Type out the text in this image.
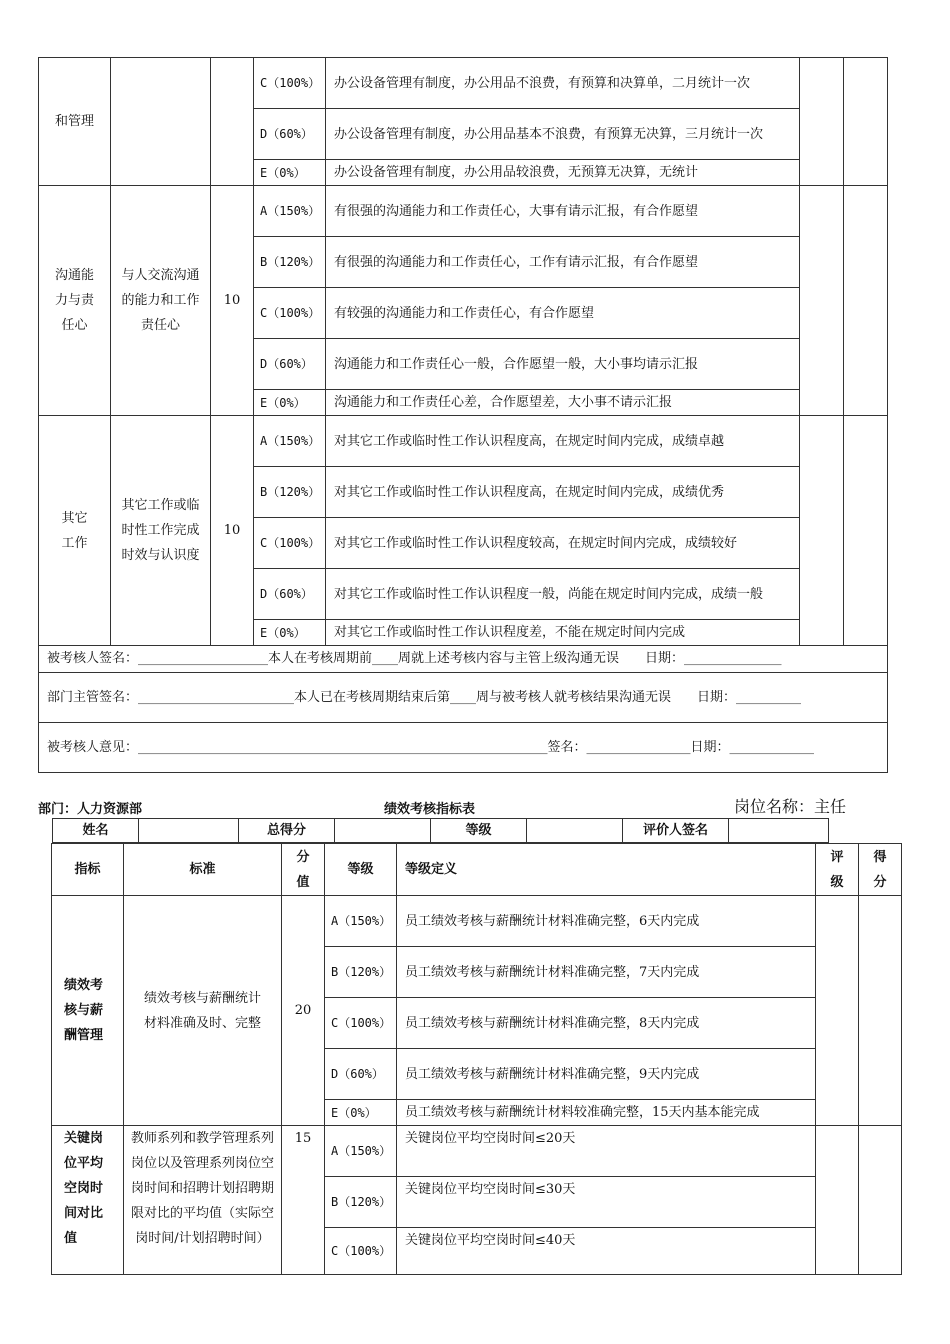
和管理			C（100%）	办公设备管理有制度，办公用品不浪费，有预算和决算单，二月统计一次		
			D（60%）	办公设备管理有制度，办公用品基本不浪费，有预算无决算，三月统计一次		
			E（0%）	办公设备管理有制度，办公用品较浪费，无预算无决算，无统计		
沟通能力与责任心	与人交流沟通的能力和工作责任心	10	A（150%）	有很强的沟通能力和工作责任心，大事有请示汇报，有合作愿望		
			B（120%）	有很强的沟通能力和工作责任心，工作有请示汇报，有合作愿望		
			C（100%）	有较强的沟通能力和工作责任心，有合作愿望		
			D（60%）	沟通能力和工作责任心一般，合作愿望一般，大小事均请示汇报		
			E（0%）	沟通能力和工作责任心差，合作愿望差，大小事不请示汇报		
其它工作	其它工作或临时性工作完成时效与认识度	10	A（150%）	对其它工作或临时性工作认识程度高，在规定时间内完成，成绩卓越		
			B（120%）	对其它工作或临时性工作认识程度高，在规定时间内完成，成绩优秀		
			C（100%）	对其它工作或临时性工作认识程度较高，在规定时间内完成，成绩较好		
			D（60%）	对其它工作或临时性工作认识程度一般，尚能在规定时间内完成，成绩一般		
			E（0%）	对其它工作或临时性工作认识程度差，不能在规定时间内完成		
被考核人签名：____________________本人在考核周期前____周就上述考核内容与主管上级沟通无误　　日期：_______________						
部门主管签名：________________________本人已在考核周期结束后第____周与被考核人就考核结果沟通无误　　日期：__________						
被考核人意见：_______________________________________________________________签名：________________日期：_____________						
部门：人力资源部	绩效考核指标表	岗位名称：主任
姓名		总得分		等级		评价人签名	
指标	标准	分值	等级	等级定义	评级	得分
绩效考核与薪酬管理	绩效考核与薪酬统计材料准确及时、完整	20	A（150%）	员工绩效考核与薪酬统计材料准确完整，6天内完成		
			B（120%）	员工绩效考核与薪酬统计材料准确完整，7天内完成		
			C（100%）	员工绩效考核与薪酬统计材料准确完整，8天内完成		
			D（60%）	员工绩效考核与薪酬统计材料准确完整，9天内完成		
			E（0%）	员工绩效考核与薪酬统计材料较准确完整，15天内基本能完成		
关键岗位平均空岗时间对比值	教师系列和教学管理系列岗位以及管理系列岗位空岗时间和招聘计划招聘期限对比的平均值（实际空岗时间/计划招聘时间）	15	A（150%）	关键岗位平均空岗时间≤20天		
			B（120%）	关键岗位平均空岗时间≤30天		
			C（100%）	关键岗位平均空岗时间≤40天		
